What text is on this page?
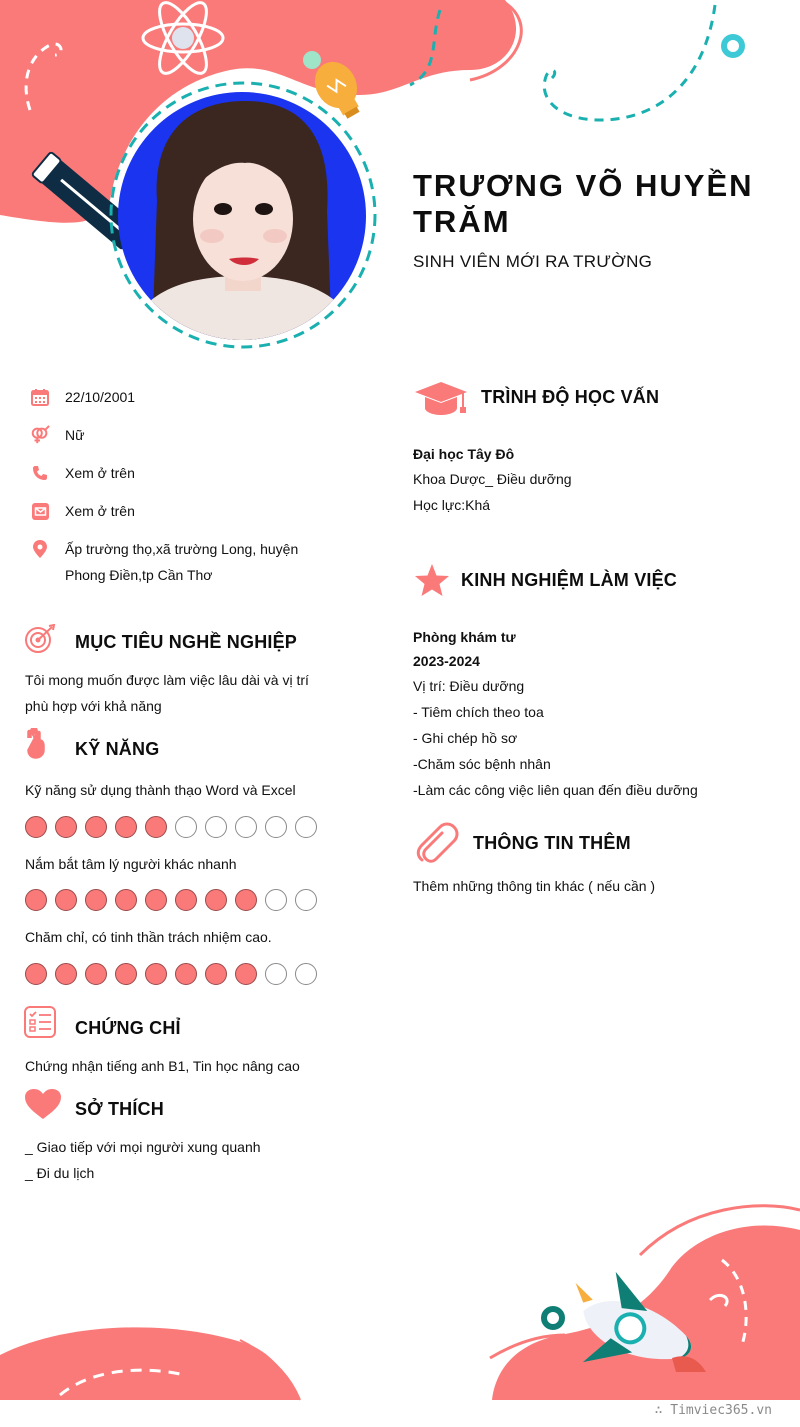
TRƯƠNG VÕ HUYỀN TRĂM
SINH VIÊN MỚI RA TRƯỜNG
22/10/2001
Nữ
Xem ở trên
Xem ở trên
Ấp trường thọ,xã trường Long, huyện Phong Điền,tp Cần Thơ
MỤC TIÊU NGHỀ NGHIỆP
Tôi mong muốn được làm việc lâu dài và vị trí phù hợp với khả năng
KỸ NĂNG
Kỹ năng sử dụng thành thạo Word và Excel
Nắm bắt tâm lý người khác nhanh
Chăm chỉ, có tinh thần trách nhiệm cao.
CHỨNG CHỈ
Chứng nhận tiếng anh B1, Tin học nâng cao
SỞ THÍCH
_ Giao tiếp với mọi người xung quanh
_ Đi du lịch
TRÌNH ĐỘ HỌC VẤN
Đại học Tây Đô
Khoa Dược_ Điều dưỡng
Học lực:Khá
KINH NGHIỆM LÀM VIỆC
Phòng khám tư
2023-2024
Vị trí: Điều dưỡng
- Tiêm chích theo toa
- Ghi chép hồ sơ
-Chăm sóc bệnh nhân
-Làm các công việc liên quan đến điều dưỡng
THÔNG TIN THÊM
Thêm những thông tin khác ( nếu cần )
∴ Timviec365.vn
